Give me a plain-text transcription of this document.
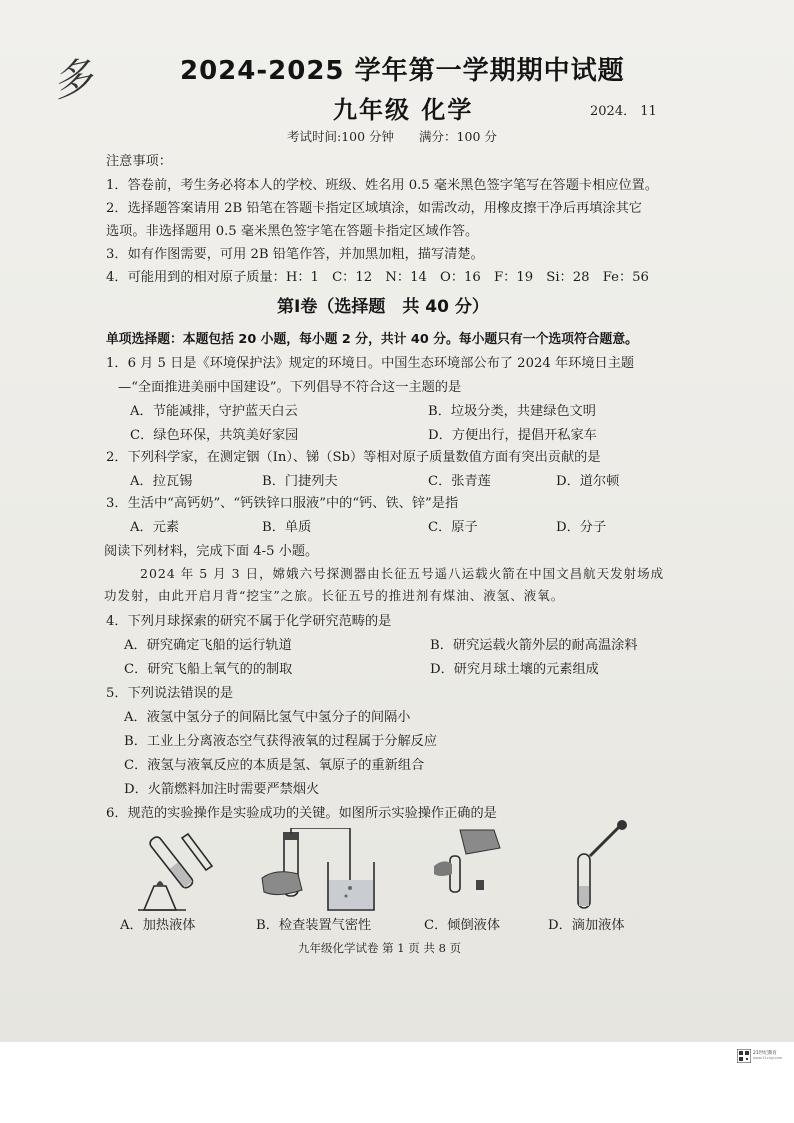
多	2024-2025 学年第一学期期中试题
九年级 化学	2024． 11
考试时间:100 分钟　　满分：100 分
注意事项：
1．答卷前，考生务必将本人的学校、班级、姓名用 0.5 毫米黑色签字笔写在答题卡相应位置。
2．选择题答案请用 2B 铅笔在答题卡指定区域填涂，如需改动，用橡皮擦干净后再填涂其它
选项。非选择题用 0.5 毫米黑色签字笔在答题卡指定区域作答。
3．如有作图需要，可用 2B 铅笔作答，并加黑加粗，描写清楚。
4．可能用到的相对原子质量：H：1　C：12　N：14　O：16　F：19　Si：28　Fe：56
第Ⅰ卷（选择题　共 40 分）
单项选择题：本题包括 20 小题，每小题 2 分，共计 40 分。每小题只有一个选项符合题意。
1．6 月 5 日是《环境保护法》规定的环境日。中国生态环境部公布了 2024 年环境日主题
—“全面推进美丽中国建设”。下列倡导不符合这一主题的是
A．节能减排，守护蓝天白云	B．垃圾分类，共建绿色文明
C．绿色环保，共筑美好家园	D．方便出行，提倡开私家车
2．下列科学家，在测定铟（In）、锑（Sb）等相对原子质量数值方面有突出贡献的是
A．拉瓦锡	B．门捷列夫	C．张青莲	D．道尔顿
3．生活中“高钙奶”、“钙铁锌口服液”中的“钙、铁、锌”是指
A．元素	B．单质	C．原子	D．分子
阅读下列材料，完成下面 4-5 小题。
2024 年 5 月 3 日，嫦娥六号探测器由长征五号遥八运载火箭在中国文昌航天发射场成
功发射，由此开启月背“挖宝”之旅。长征五号的推进剂有煤油、液氢、液氧。
4．下列月球探索的研究不属于化学研究范畴的是
A．研究确定飞船的运行轨道	B．研究运载火箭外层的耐高温涂料
C．研究飞船上氧气的的制取	D．研究月球土壤的元素组成
5．下列说法错误的是
A．液氢中氢分子的间隔比氢气中氢分子的间隔小
B．工业上分离液态空气获得液氧的过程属于分解反应
C．液氢与液氧反应的本质是氢、氧原子的重新组合
D．火箭燃料加注时需要严禁烟火
6．规范的实验操作是实验成功的关键。如图所示实验操作正确的是
A．加热液体	B．检查装置气密性	C．倾倒液体	D．滴加液体
九年级化学试卷 第 1 页 共 8 页
21世纪教育
www.21cnjy.com
